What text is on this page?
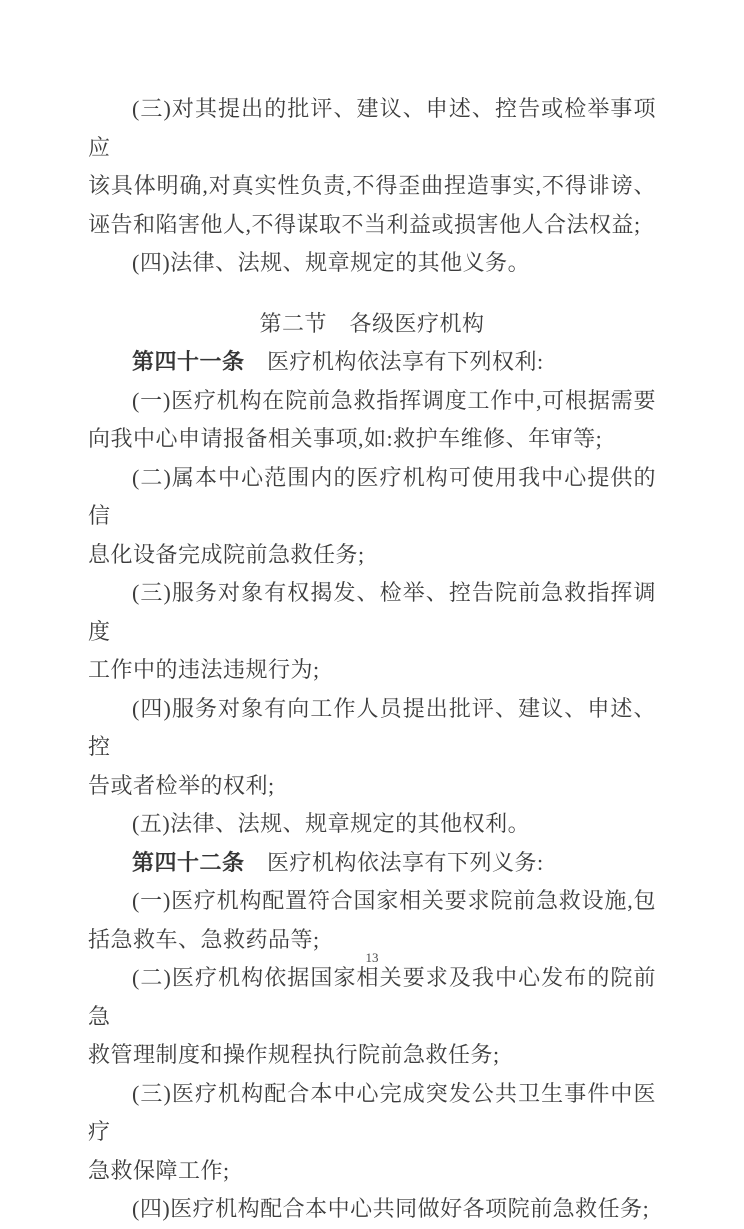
(三)对其提出的批评、建议、申述、控告或检举事项应
该具体明确,对真实性负责,不得歪曲捏造事实,不得诽谤、
诬告和陷害他人,不得谋取不当利益或损害他人合法权益;
(四)法律、法规、规章规定的其他义务。
第二节　各级医疗机构
第四十一条　医疗机构依法享有下列权利:
(一)医疗机构在院前急救指挥调度工作中,可根据需要
向我中心申请报备相关事项,如:救护车维修、年审等;
(二)属本中心范围内的医疗机构可使用我中心提供的信
息化设备完成院前急救任务;
(三)服务对象有权揭发、检举、控告院前急救指挥调度
工作中的违法违规行为;
(四)服务对象有向工作人员提出批评、建议、申述、控
告或者检举的权利;
(五)法律、法规、规章规定的其他权利。
第四十二条　医疗机构依法享有下列义务:
(一)医疗机构配置符合国家相关要求院前急救设施,包
括急救车、急救药品等;
(二)医疗机构依据国家相关要求及我中心发布的院前急
救管理制度和操作规程执行院前急救任务;
(三)医疗机构配合本中心完成突发公共卫生事件中医疗
急救保障工作;
(四)医疗机构配合本中心共同做好各项院前急救任务;
13
